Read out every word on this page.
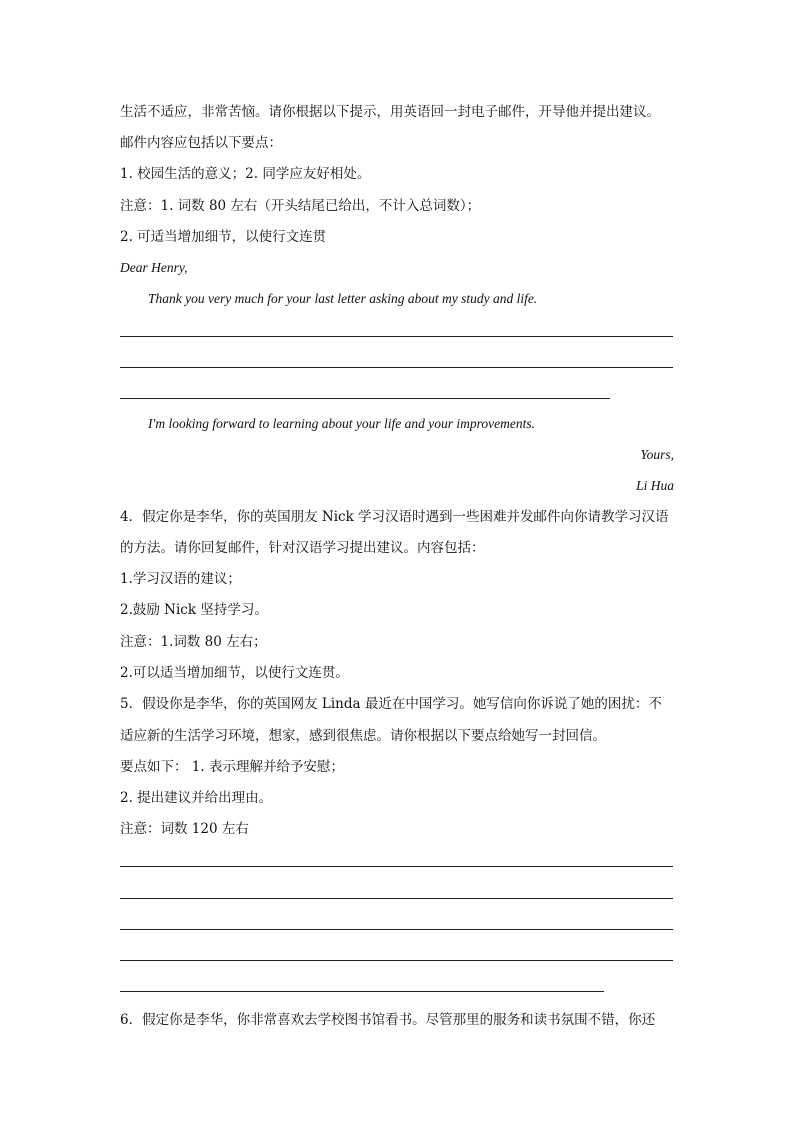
生活不适应，非常苦恼。请你根据以下提示，用英语回一封电子邮件，开导他并提出建议。
邮件内容应包括以下要点：
1. 校园生活的意义；2. 同学应友好相处。
注意：1. 词数 80 左右（开头结尾已给出，不计入总词数）；
2. 可适当增加细节，以使行文连贯
Dear Henry,
Thank you very much for your last letter asking about my study and life.
I'm looking forward to learning about your life and your improvements.
Yours,
Li Hua
4．假定你是李华，你的英国朋友 Nick 学习汉语时遇到一些困难并发邮件向你请教学习汉语
的方法。请你回复邮件，针对汉语学习提出建议。内容包括：
1.学习汉语的建议；
2.鼓励 Nick 坚持学习。
注意：1.词数 80 左右；
2.可以适当增加细节，以使行文连贯。
5．假设你是李华，你的英国网友 Linda 最近在中国学习。她写信向你诉说了她的困扰：不
适应新的生活学习环境，想家，感到很焦虑。请你根据以下要点给她写一封回信。
要点如下： 1. 表示理解并给予安慰；
2. 提出建议并给出理由。
注意：词数 120 左右
6．假定你是李华，你非常喜欢去学校图书馆看书。尽管那里的服务和读书氛围不错，你还
